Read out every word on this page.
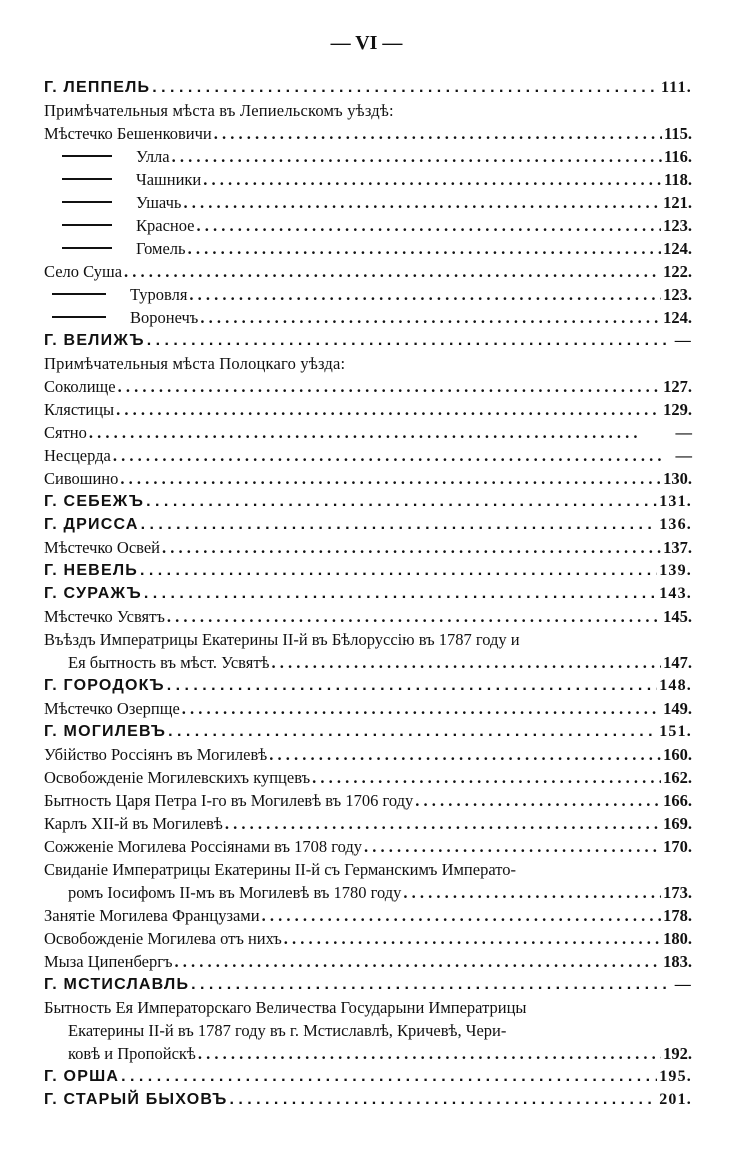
— VI —
Г. ЛЕППЕЛЬ . . .	111.
Примѣчательныя мѣста въ Лепиельскомъ уѣздѣ:
Мѣстечко Бешенковичи . . .	115.
Улла . . .	116.
Чашники . . .	118.
Ушачь . . .	121.
Красное . . .	123.
Гомель . . .	124.
Село Суша . . .	122.
Туровля . . .	123.
Воронечъ . . .	124.
Г. ВЕЛИЖЪ . . .	—
Примѣчательныя мѣста Полоцкаго уѣзда:
Соколище . . .	127.
Клястицы . . .	129.
Сятно . . .	—
Несцерда . . .	—
Сивошино . . .	130.
Г. СЕБЕЖЪ . . .	131.
Г. ДРИССА . . .	136.
Мѣстечко Освей . . .	137.
Г. НЕВЕЛЬ . . .	139.
Г. СУРАЖЪ . . .	143.
Мѣстечко Усвятъ . . .	145.
Въѣздъ Императрицы Екатерины II-й въ Бѣлоруссію въ 1787 году и
Ея бытность въ мѣст. Усвятѣ . . .	147.
Г. ГОРОДОКЪ . . .	148.
Мѣстечко Озерпще . . .	149.
Г. МОГИЛЕВЪ . . .	151.
Убійство Россіянъ въ Могилевѣ . . .	160.
Освобожденіе Могилевскихъ купцевъ . . .	162.
Бытность Царя Петра I-го въ Могилевѣ въ 1706 году . . .	166.
Карлъ XII-й въ Могилевѣ . . .	169.
Сожженіе Могилева Россіянами въ 1708 году . . .	170.
Свиданіе Императрицы Екатерины II-й съ Германскимъ Императо-
ромъ Іосифомъ II-мъ въ Могилевѣ въ 1780 году . . .	173.
Занятіе Могилева Французами . . .	178.
Освобожденіе Могилева отъ нихъ . . .	180.
Мыза Ципенбергъ . . .	183.
Г. МСТИСЛАВЛЬ . . .	—
Бытность Ея Императорскаго Величества Государыни Императрицы
Екатерины II-й въ 1787 году въ г. Мстиславлѣ, Кричевѣ, Чери-
ковѣ и Пропойскѣ . . .	192.
Г. ОРША . . .	195.
Г. СТАРЫЙ БЫХОВЪ . . .	201.
